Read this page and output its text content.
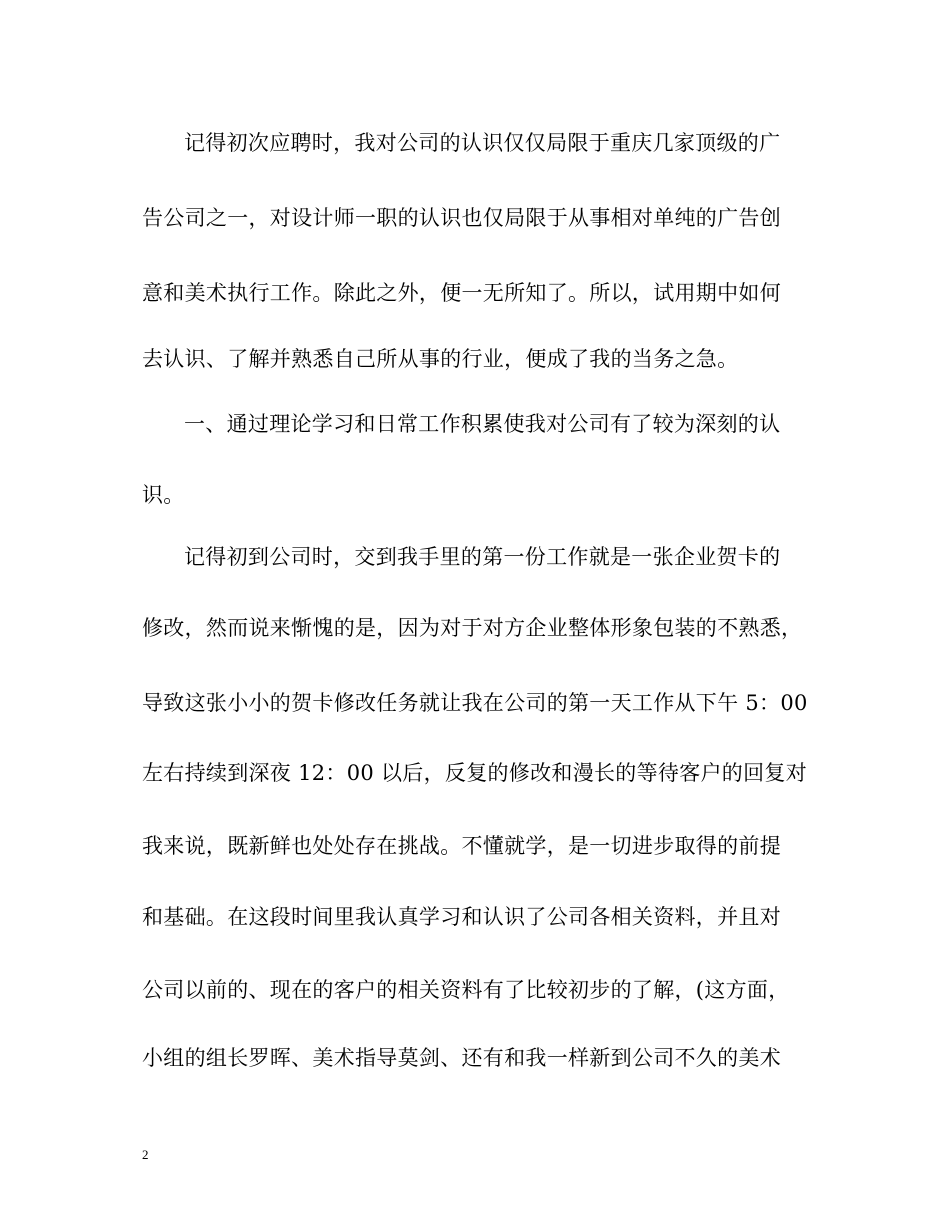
记得初次应聘时，我对公司的认识仅仅局限于重庆几家顶级的广
告公司之一，对设计师一职的认识也仅局限于从事相对单纯的广告创
意和美术执行工作。除此之外，便一无所知了。所以，试用期中如何
去认识、了解并熟悉自己所从事的行业，便成了我的当务之急。
一、通过理论学习和日常工作积累使我对公司有了较为深刻的认
识。
记得初到公司时，交到我手里的第一份工作就是一张企业贺卡的
修改，然而说来惭愧的是，因为对于对方企业整体形象包装的不熟悉，
导致这张小小的贺卡修改任务就让我在公司的第一天工作从下午 5：00
左右持续到深夜 12：00 以后，反复的修改和漫长的等待客户的回复对
我来说，既新鲜也处处存在挑战。不懂就学，是一切进步取得的前提
和基础。在这段时间里我认真学习和认识了公司各相关资料，并且对
公司以前的、现在的客户的相关资料有了比较初步的了解，(这方面，
小组的组长罗晖、美术指导莫剑、还有和我一样新到公司不久的美术
2
